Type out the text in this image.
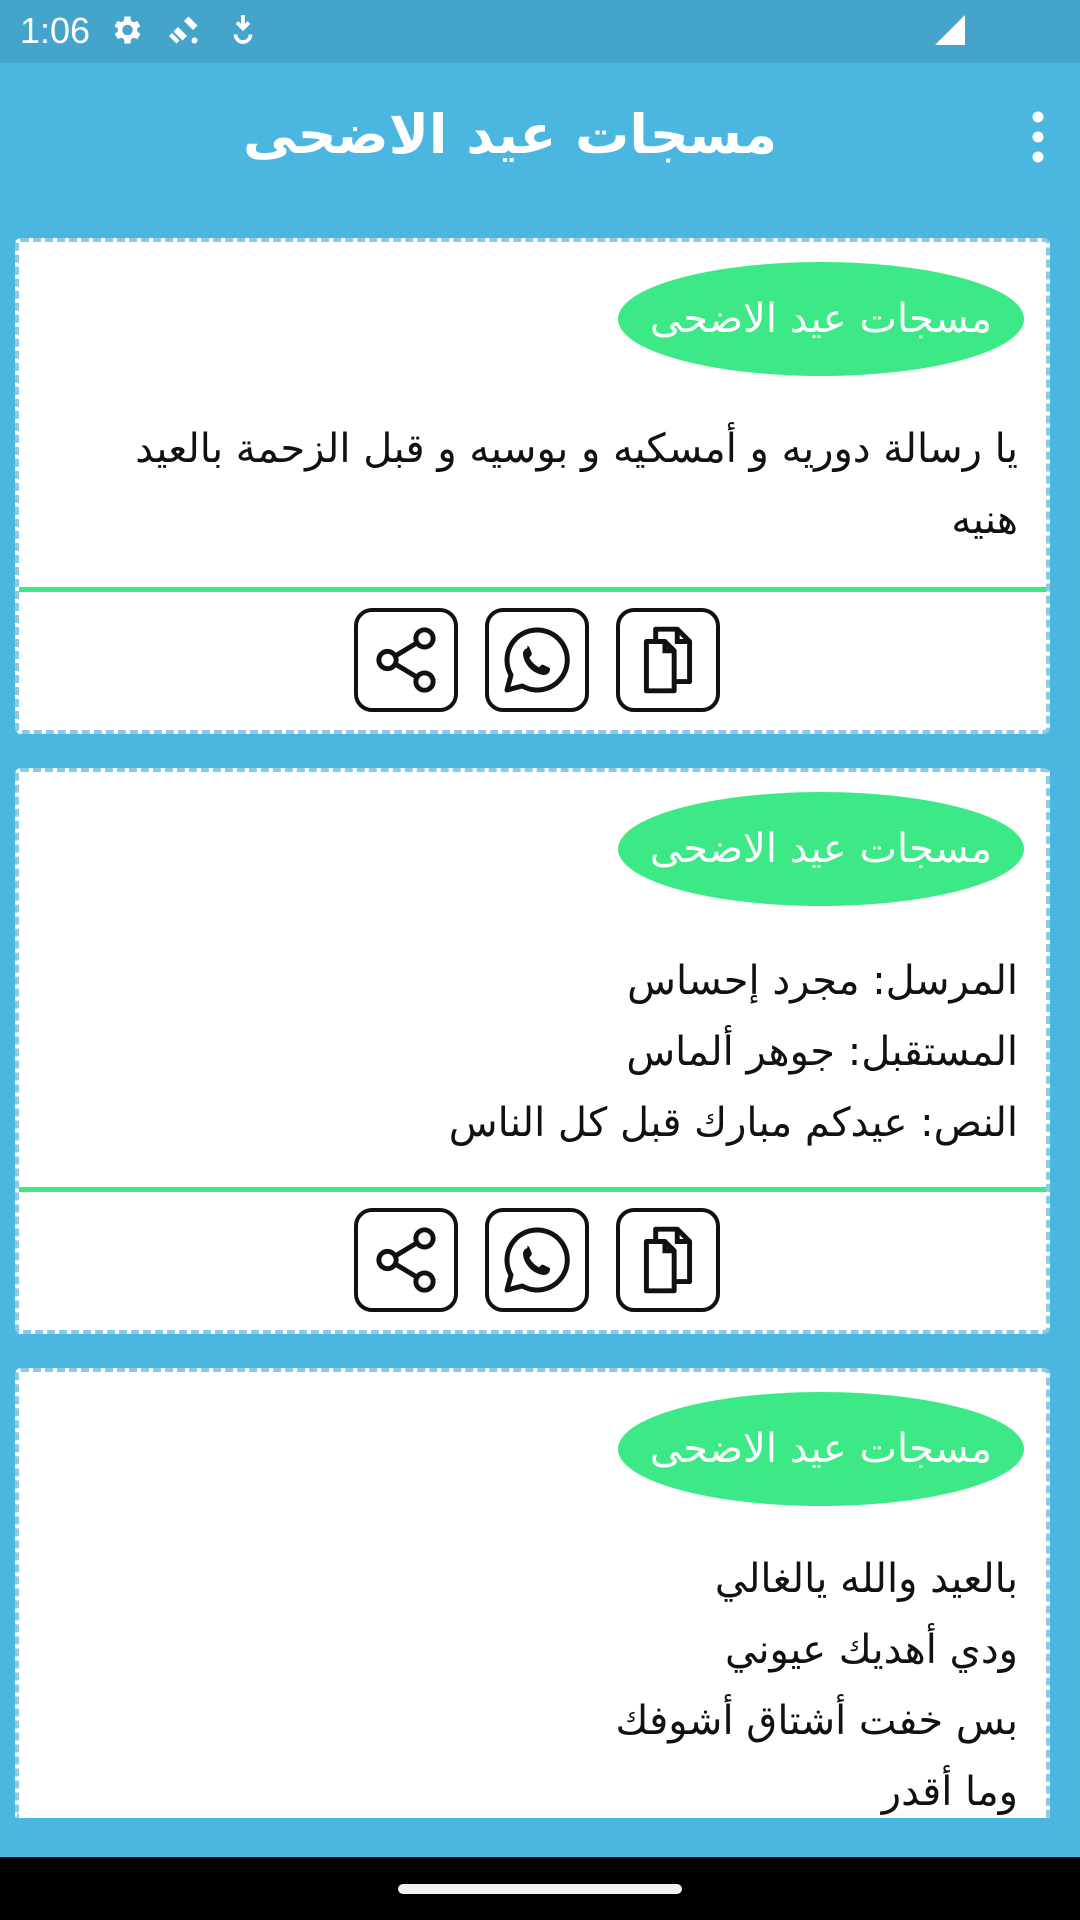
1:06
مسجات عيد الاضحى
مسجات عيد الاضحى
يا رسالة دوريه و أمسكيه و بوسيه و قبل الزحمة بالعيد
هنيه
مسجات عيد الاضحى
المرسل: مجرد إحساس
المستقبل: جوهر ألماس
النص: عيدكم مبارك قبل كل الناس
مسجات عيد الاضحى
بالعيد والله يالغالي
ودي أهديك عيوني
بس خفت أشتاق أشوفك
وما أقدر
